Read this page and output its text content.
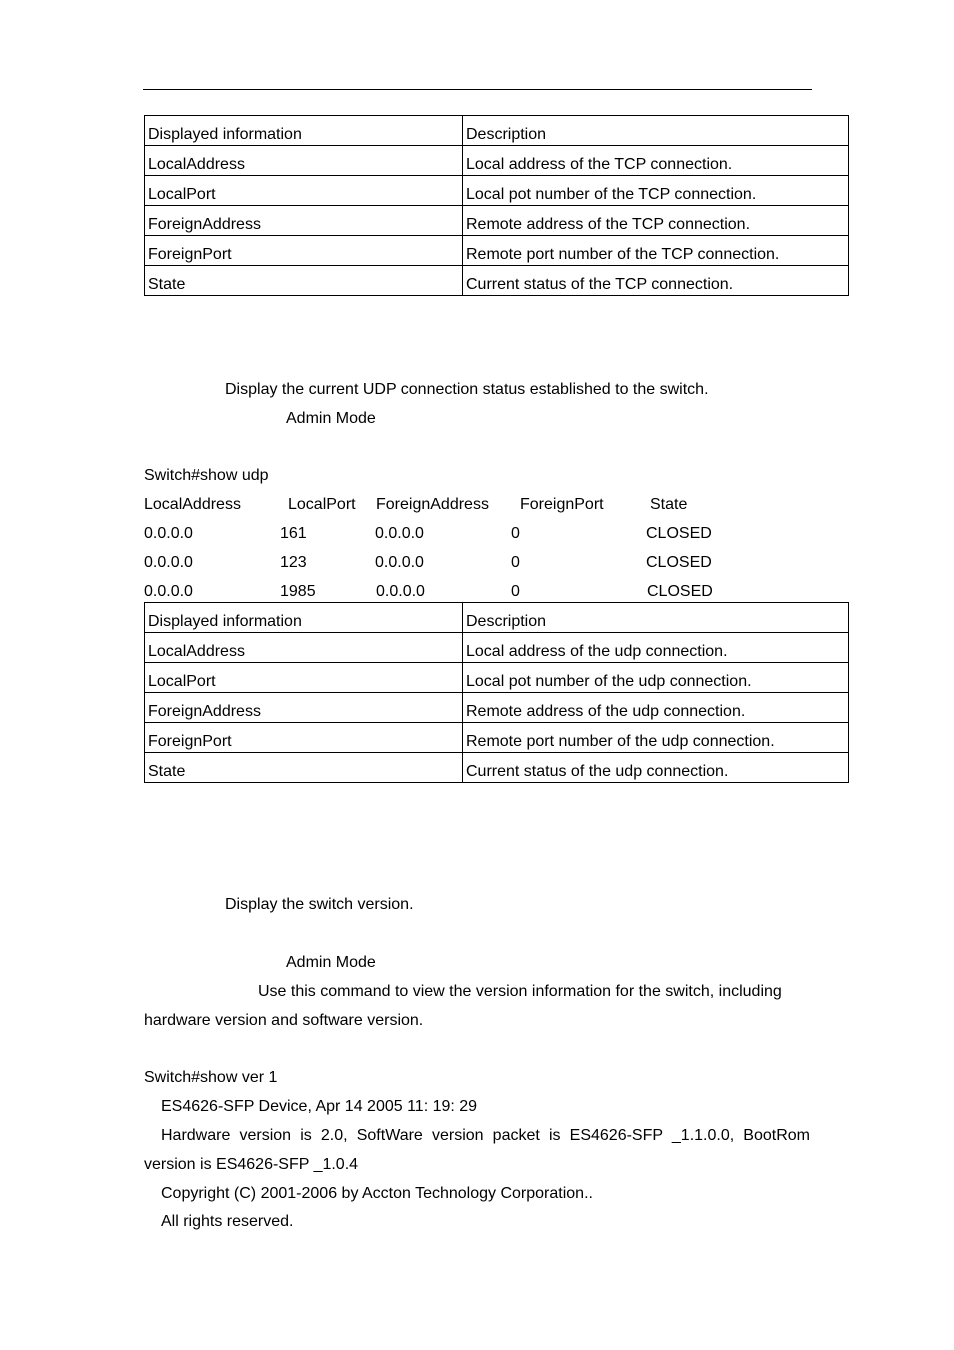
Displayed information	Description
LocalAddress	Local address of the TCP connection.
LocalPort	Local pot number of the TCP connection.
ForeignAddress	Remote address of the TCP connection.
ForeignPort	Remote port number of the TCP connection.
State	Current status of the TCP connection.
Display the current UDP connection status established to the switch.
Admin Mode
Switch#show udp
LocalAddress	LocalPort ForeignAddress ForeignPort	State
0.0.0.0	161	0.0.0.0	0	CLOSED
0.0.0.0	123	0.0.0.0	0	CLOSED
0.0.0.0	1985	0.0.0.0	0	CLOSED
Displayed information	Description
LocalAddress	Local address of the udp connection.
LocalPort	Local pot number of the udp connection.
ForeignAddress	Remote address of the udp connection.
ForeignPort	Remote port number of the udp connection.
State	Current status of the udp connection.
Display the switch version.
Admin Mode
Use this command to view the version information for the switch, including
hardware version and software version.
Switch#show ver 1
ES4626-SFP Device, Apr 14 2005 11: 19: 29
Hardware version is 2.0, SoftWare version packet is ES4626-SFP _1.1.0.0, BootRom version is ES4626-SFP _1.0.4
Copyright (C) 2001-2006 by Accton Technology Corporation..
All rights reserved.
